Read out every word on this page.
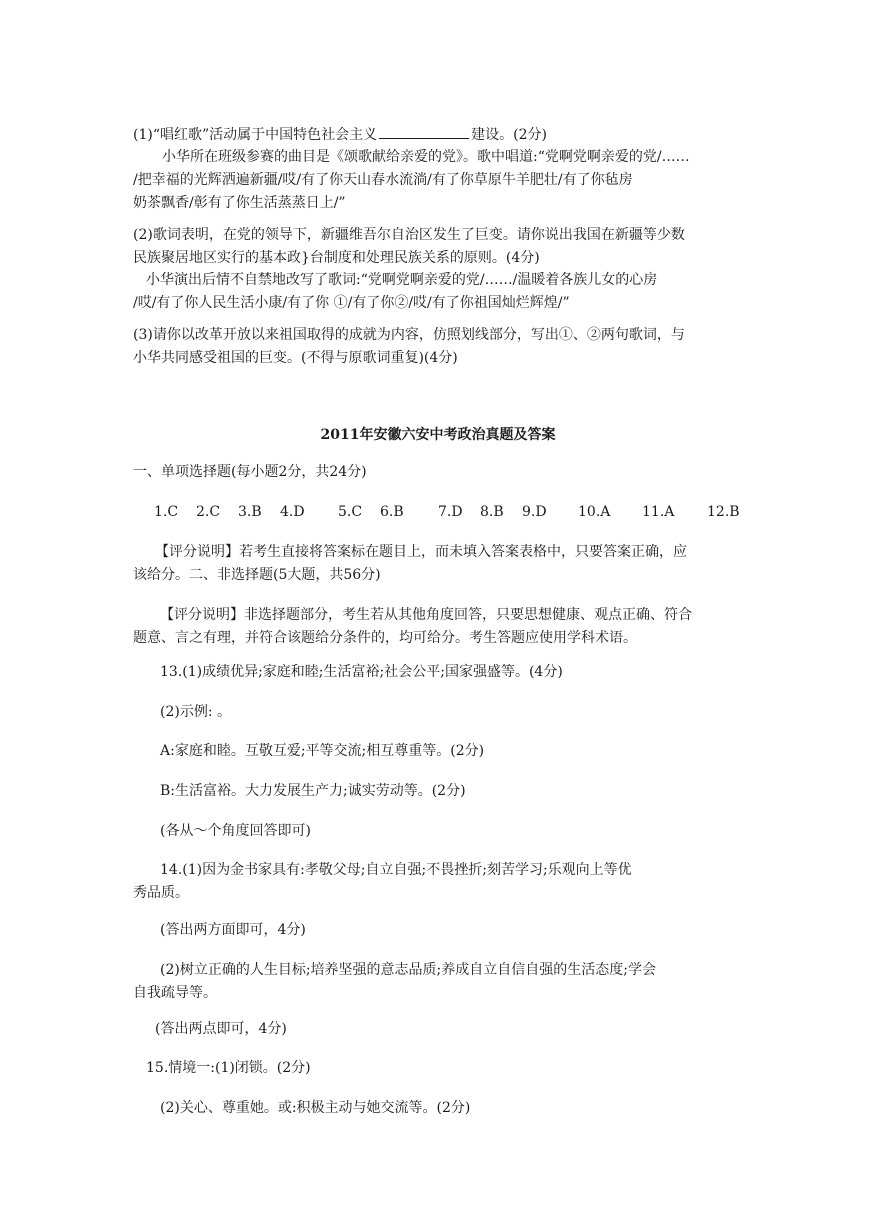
(1)“唱红歌”活动属于中国特色社会主义	建设。(2分)
小华所在班级参赛的曲目是《颂歌献给亲爱的党》。歌中唱道:“党啊党啊亲爱的党/……
/把幸福的光辉洒遍新疆/哎/有了你天山春水流淌/有了你草原牛羊肥壮/有了你毡房
奶茶飘香/彰有了你生活蒸蒸日上/”
(2)歌词表明，在党的领导下，新疆维吾尔自治区发生了巨变。请你说出我国在新疆等少数
民族聚居地区实行的基本政}台制度和处理民族关系的原则。(4分)
小华演出后情不自禁地改写了歌词:“党啊党啊亲爱的党/……/温暖着各族儿女的心房
/哎/有了你人民生活小康/有了你 ①/有了你②/哎/有了你祖国灿烂辉煌/”
(3)请你以改革开放以来祖国取得的成就为内容，仿照划线部分，写出①、②两句歌词，与
小华共同感受祖国的巨变。(不得与原歌词重复)(4分)
2011年安徽六安中考政治真题及答案
一、单项选择题(每小题2分，共24分)
1.C 2.C 3.B 4.D 5.C 6.B 7.D 8.B 9.D 10.A 11.A 12.B
【评分说明】若考生直接将答案标在题目上，而未填入答案表格中，只要答案正确，应
该给分。二、非选择题(5大题，共56分)
【评分说明】非选择题部分，考生若从其他角度回答，只要思想健康、观点正确、符合
题意、言之有理，并符合该题给分条件的，均可给分。考生答题应使用学科术语。
13.(1)成绩优异;家庭和睦;生活富裕;社会公平;国家强盛等。(4分)
(2)示例: 。
A:家庭和睦。互敬互爱;平等交流;相互尊重等。(2分)
B:生活富裕。大力发展生产力;诚实劳动等。(2分)
(各从～个角度回答即可)
14.(1)因为金书家具有:孝敬父母;自立自强;不畏挫折;刻苦学习;乐观向上等优
秀品质。
(答出两方面即可，4分)
(2)树立正确的人生目标;培养坚强的意志品质;养成自立自信自强的生活态度;学会
自我疏导等。
(答出两点即可，4分)
15.情境一:(1)闭锁。(2分)
(2)关心、尊重她。或:积极主动与她交流等。(2分)
